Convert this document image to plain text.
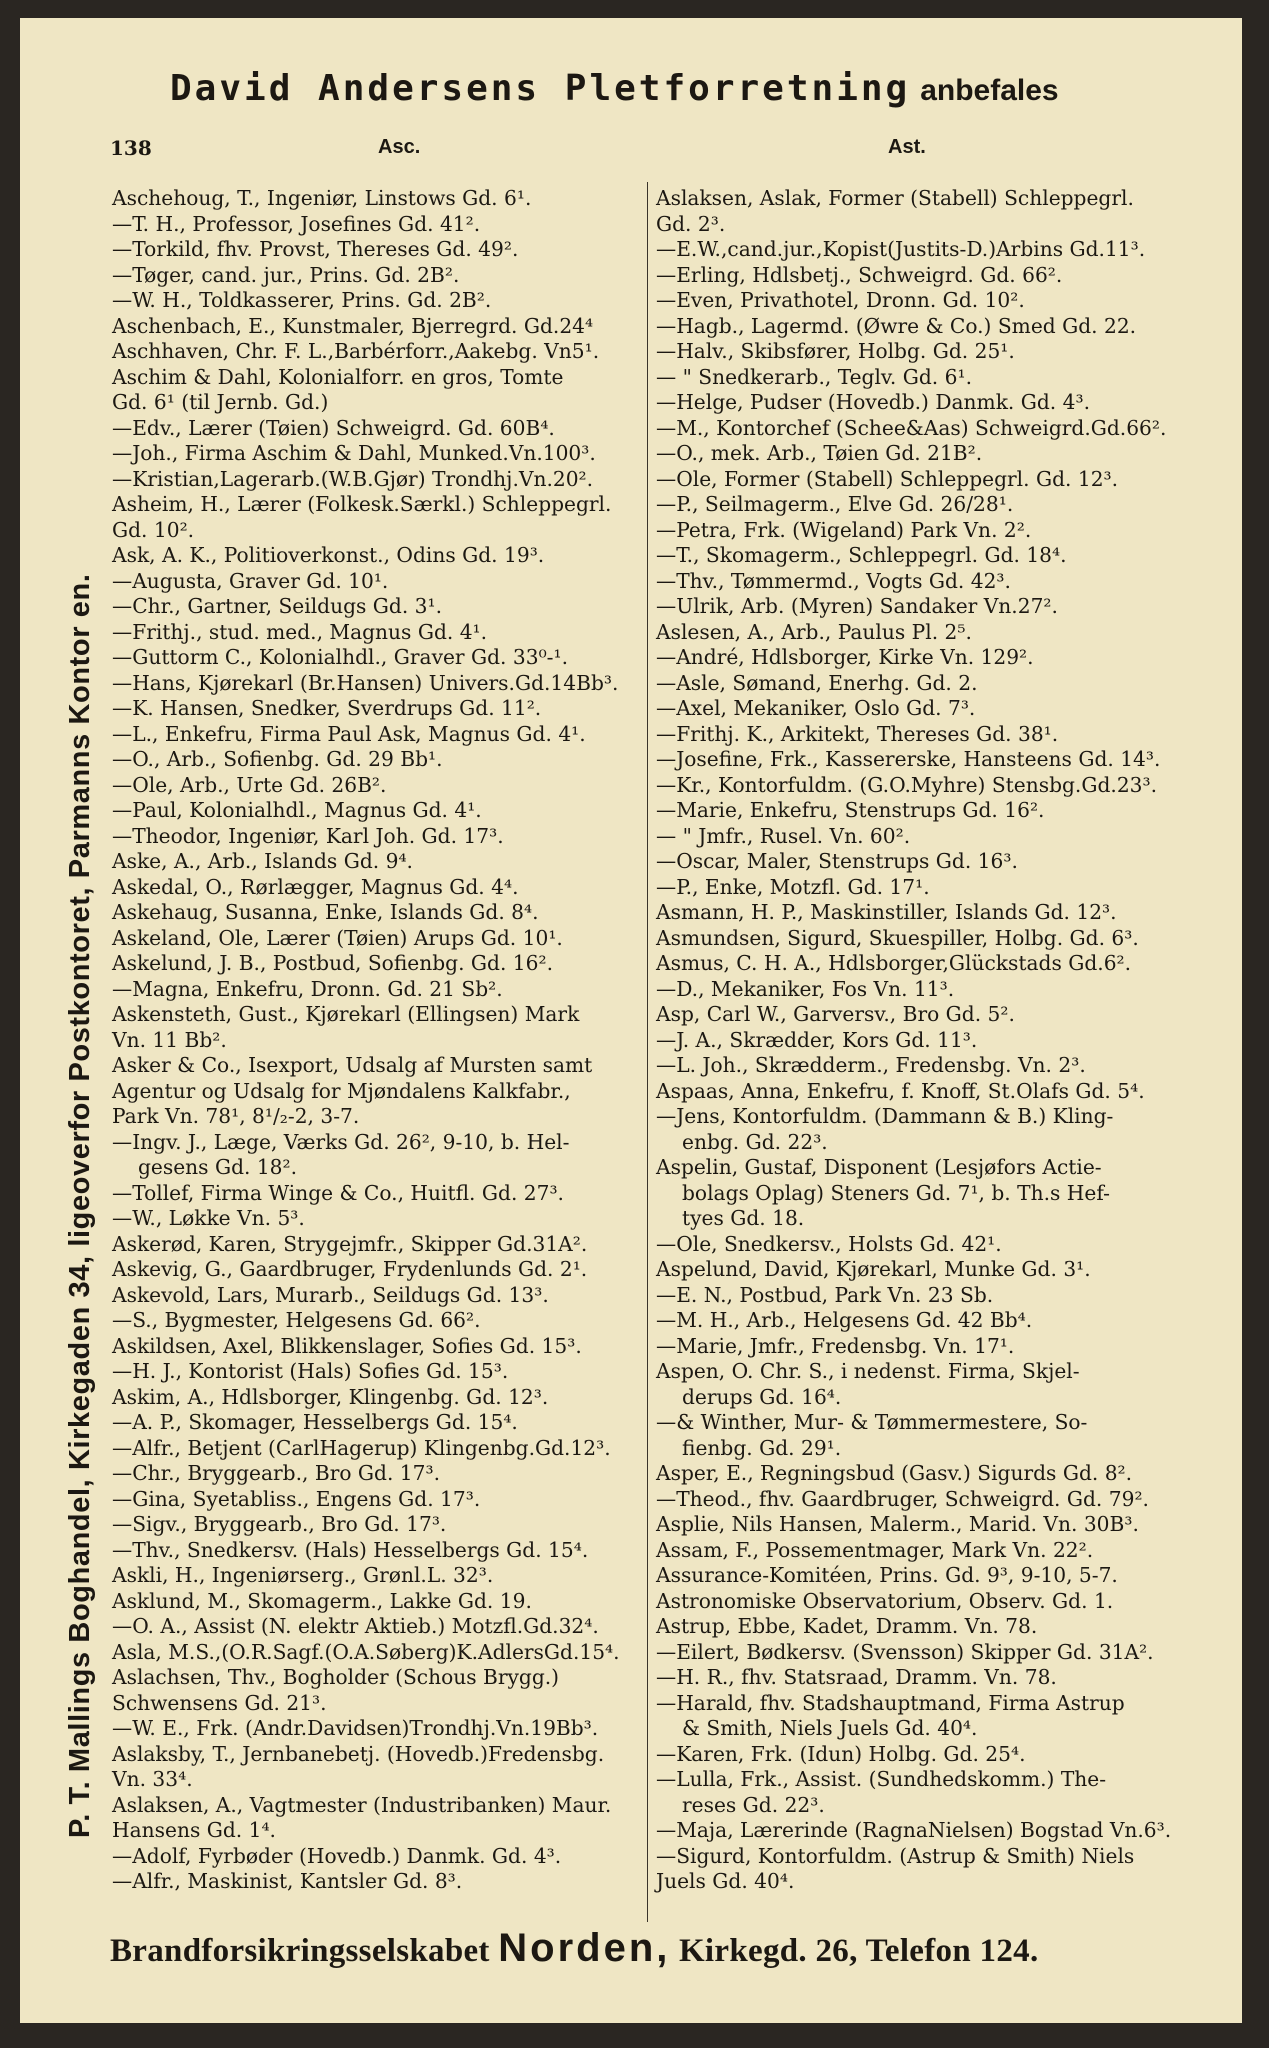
David Andersens Pletforretning anbefales
138	Asc.	Ast.
P. T. Mallings Boghandel, Kirkegaden 34, ligeoverfor Postkontoret, Parmanns Kontor en.
Aschehoug, T., Ingeniør, Linstows Gd. 6¹.
—T. H., Professor, Josefines Gd. 41².
—Torkild, fhv. Provst, Thereses Gd. 49².
—Tøger, cand. jur., Prins. Gd. 2B².
—W. H., Toldkasserer, Prins. Gd. 2B².
Aschenbach, E., Kunstmaler, Bjerregrd. Gd.24⁴
Aschhaven, Chr. F. L.,Barbérforr.,Aakebg. Vn5¹.
Aschim & Dahl, Kolonialforr. en gros, Tomte
Gd. 6¹ (til Jernb. Gd.)
—Edv., Lærer (Tøien) Schweigrd. Gd. 60B⁴.
—Joh., Firma Aschim & Dahl, Munked.Vn.100³.
—Kristian,Lagerarb.(W.B.Gjør) Trondhj.Vn.20².
Asheim, H., Lærer (Folkesk.Særkl.) Schleppegrl.
Gd. 10².
Ask, A. K., Politioverkonst., Odins Gd. 19³.
—Augusta, Graver Gd. 10¹.
—Chr., Gartner, Seildugs Gd. 3¹.
—Frithj., stud. med., Magnus Gd. 4¹.
—Guttorm C., Kolonialhdl., Graver Gd. 33⁰-¹.
—Hans, Kjørekarl (Br.Hansen) Univers.Gd.14Bb³.
—K. Hansen, Snedker, Sverdrups Gd. 11².
—L., Enkefru, Firma Paul Ask, Magnus Gd. 4¹.
—O., Arb., Sofienbg. Gd. 29 Bb¹.
—Ole, Arb., Urte Gd. 26B².
—Paul, Kolonialhdl., Magnus Gd. 4¹.
—Theodor, Ingeniør, Karl Joh. Gd. 17³.
Aske, A., Arb., Islands Gd. 9⁴.
Askedal, O., Rørlægger, Magnus Gd. 4⁴.
Askehaug, Susanna, Enke, Islands Gd. 8⁴.
Askeland, Ole, Lærer (Tøien) Arups Gd. 10¹.
Askelund, J. B., Postbud, Sofienbg. Gd. 16².
—Magna, Enkefru, Dronn. Gd. 21 Sb².
Askensteth, Gust., Kjørekarl (Ellingsen) Mark
Vn. 11 Bb².
Asker & Co., Isexport, Udsalg af Mursten samt
Agentur og Udsalg for Mjøndalens Kalkfabr.,
Park Vn. 78¹, 8¹/₂-2, 3-7.
—Ingv. J., Læge, Værks Gd. 26², 9-10, b. Hel-
gesens Gd. 18².
—Tollef, Firma Winge & Co., Huitfl. Gd. 27³.
—W., Løkke Vn. 5³.
Askerød, Karen, Strygejmfr., Skipper Gd.31A².
Askevig, G., Gaardbruger, Frydenlunds Gd. 2¹.
Askevold, Lars, Murarb., Seildugs Gd. 13³.
—S., Bygmester, Helgesens Gd. 66².
Askildsen, Axel, Blikkenslager, Sofies Gd. 15³.
—H. J., Kontorist (Hals) Sofies Gd. 15³.
Askim, A., Hdlsborger, Klingenbg. Gd. 12³.
—A. P., Skomager, Hesselbergs Gd. 15⁴.
—Alfr., Betjent (CarlHagerup) Klingenbg.Gd.12³.
—Chr., Bryggearb., Bro Gd. 17³.
—Gina, Syetabliss., Engens Gd. 17³.
—Sigv., Bryggearb., Bro Gd. 17³.
—Thv., Snedkersv. (Hals) Hesselbergs Gd. 15⁴.
Askli, H., Ingeniørserg., Grønl.L. 32³.
Asklund, M., Skomagerm., Lakke Gd. 19.
—O. A., Assist (N. elektr Aktieb.) Motzfl.Gd.32⁴.
Asla, M.S.,(O.R.Sagf.(O.A.Søberg)K.AdlersGd.15⁴.
Aslachsen, Thv., Bogholder (Schous Brygg.)
Schwensens Gd. 21³.
—W. E., Frk. (Andr.Davidsen)Trondhj.Vn.19Bb³.
Aslaksby, T., Jernbanebetj. (Hovedb.)Fredensbg.
Vn. 33⁴.
Aslaksen, A., Vagtmester (Industribanken) Maur.
Hansens Gd. 1⁴.
—Adolf, Fyrbøder (Hovedb.) Danmk. Gd. 4³.
—Alfr., Maskinist, Kantsler Gd. 8³.
Aslaksen, Aslak, Former (Stabell) Schleppegrl.
Gd. 2³.
—E.W.,cand.jur.,Kopist(Justits-D.)Arbins Gd.11³.
—Erling, Hdlsbetj., Schweigrd. Gd. 66².
—Even, Privathotel, Dronn. Gd. 10².
—Hagb., Lagermd. (Øwre & Co.) Smed Gd. 22.
—Halv., Skibsfører, Holbg. Gd. 25¹.
— " Snedkerarb., Teglv. Gd. 6¹.
—Helge, Pudser (Hovedb.) Danmk. Gd. 4³.
—M., Kontorchef (Schee&Aas) Schweigrd.Gd.66².
—O., mek. Arb., Tøien Gd. 21B².
—Ole, Former (Stabell) Schleppegrl. Gd. 12³.
—P., Seilmagerm., Elve Gd. 26/28¹.
—Petra, Frk. (Wigeland) Park Vn. 2².
—T., Skomagerm., Schleppegrl. Gd. 18⁴.
—Thv., Tømmermd., Vogts Gd. 42³.
—Ulrik, Arb. (Myren) Sandaker Vn.27².
Aslesen, A., Arb., Paulus Pl. 2⁵.
—André, Hdlsborger, Kirke Vn. 129².
—Asle, Sømand, Enerhg. Gd. 2.
—Axel, Mekaniker, Oslo Gd. 7³.
—Frithj. K., Arkitekt, Thereses Gd. 38¹.
—Josefine, Frk., Kassererske, Hansteens Gd. 14³.
—Kr., Kontorfuldm. (G.O.Myhre) Stensbg.Gd.23³.
—Marie, Enkefru, Stenstrups Gd. 16².
— " Jmfr., Rusel. Vn. 60².
—Oscar, Maler, Stenstrups Gd. 16³.
—P., Enke, Motzfl. Gd. 17¹.
Asmann, H. P., Maskinstiller, Islands Gd. 12³.
Asmundsen, Sigurd, Skuespiller, Holbg. Gd. 6³.
Asmus, C. H. A., Hdlsborger,Glückstads Gd.6².
—D., Mekaniker, Fos Vn. 11³.
Asp, Carl W., Garversv., Bro Gd. 5².
—J. A., Skrædder, Kors Gd. 11³.
—L. Joh., Skrædderm., Fredensbg. Vn. 2³.
Aspaas, Anna, Enkefru, f. Knoff, St.Olafs Gd. 5⁴.
—Jens, Kontorfuldm. (Dammann & B.) Kling-
enbg. Gd. 22³.
Aspelin, Gustaf, Disponent (Lesjøfors Actie-
bolags Oplag) Steners Gd. 7¹, b. Th.s Hef-
tyes Gd. 18.
—Ole, Snedkersv., Holsts Gd. 42¹.
Aspelund, David, Kjørekarl, Munke Gd. 3¹.
—E. N., Postbud, Park Vn. 23 Sb.
—M. H., Arb., Helgesens Gd. 42 Bb⁴.
—Marie, Jmfr., Fredensbg. Vn. 17¹.
Aspen, O. Chr. S., i nedenst. Firma, Skjel-
derups Gd. 16⁴.
—& Winther, Mur- & Tømmermestere, So-
fienbg. Gd. 29¹.
Asper, E., Regningsbud (Gasv.) Sigurds Gd. 8².
—Theod., fhv. Gaardbruger, Schweigrd. Gd. 79².
Asplie, Nils Hansen, Malerm., Marid. Vn. 30B³.
Assam, F., Possementmager, Mark Vn. 22².
Assurance-Komitéen, Prins. Gd. 9³, 9-10, 5-7.
Astronomiske Observatorium, Observ. Gd. 1.
Astrup, Ebbe, Kadet, Dramm. Vn. 78.
—Eilert, Bødkersv. (Svensson) Skipper Gd. 31A².
—H. R., fhv. Statsraad, Dramm. Vn. 78.
—Harald, fhv. Stadshauptmand, Firma Astrup
& Smith, Niels Juels Gd. 40⁴.
—Karen, Frk. (Idun) Holbg. Gd. 25⁴.
—Lulla, Frk., Assist. (Sundhedskomm.) The-
reses Gd. 22³.
—Maja, Lærerinde (RagnaNielsen) Bogstad Vn.6³.
—Sigurd, Kontorfuldm. (Astrup & Smith) Niels
Juels Gd. 40⁴.
Brandforsikringsselskabet Norden, Kirkegd. 26, Telefon 124.
